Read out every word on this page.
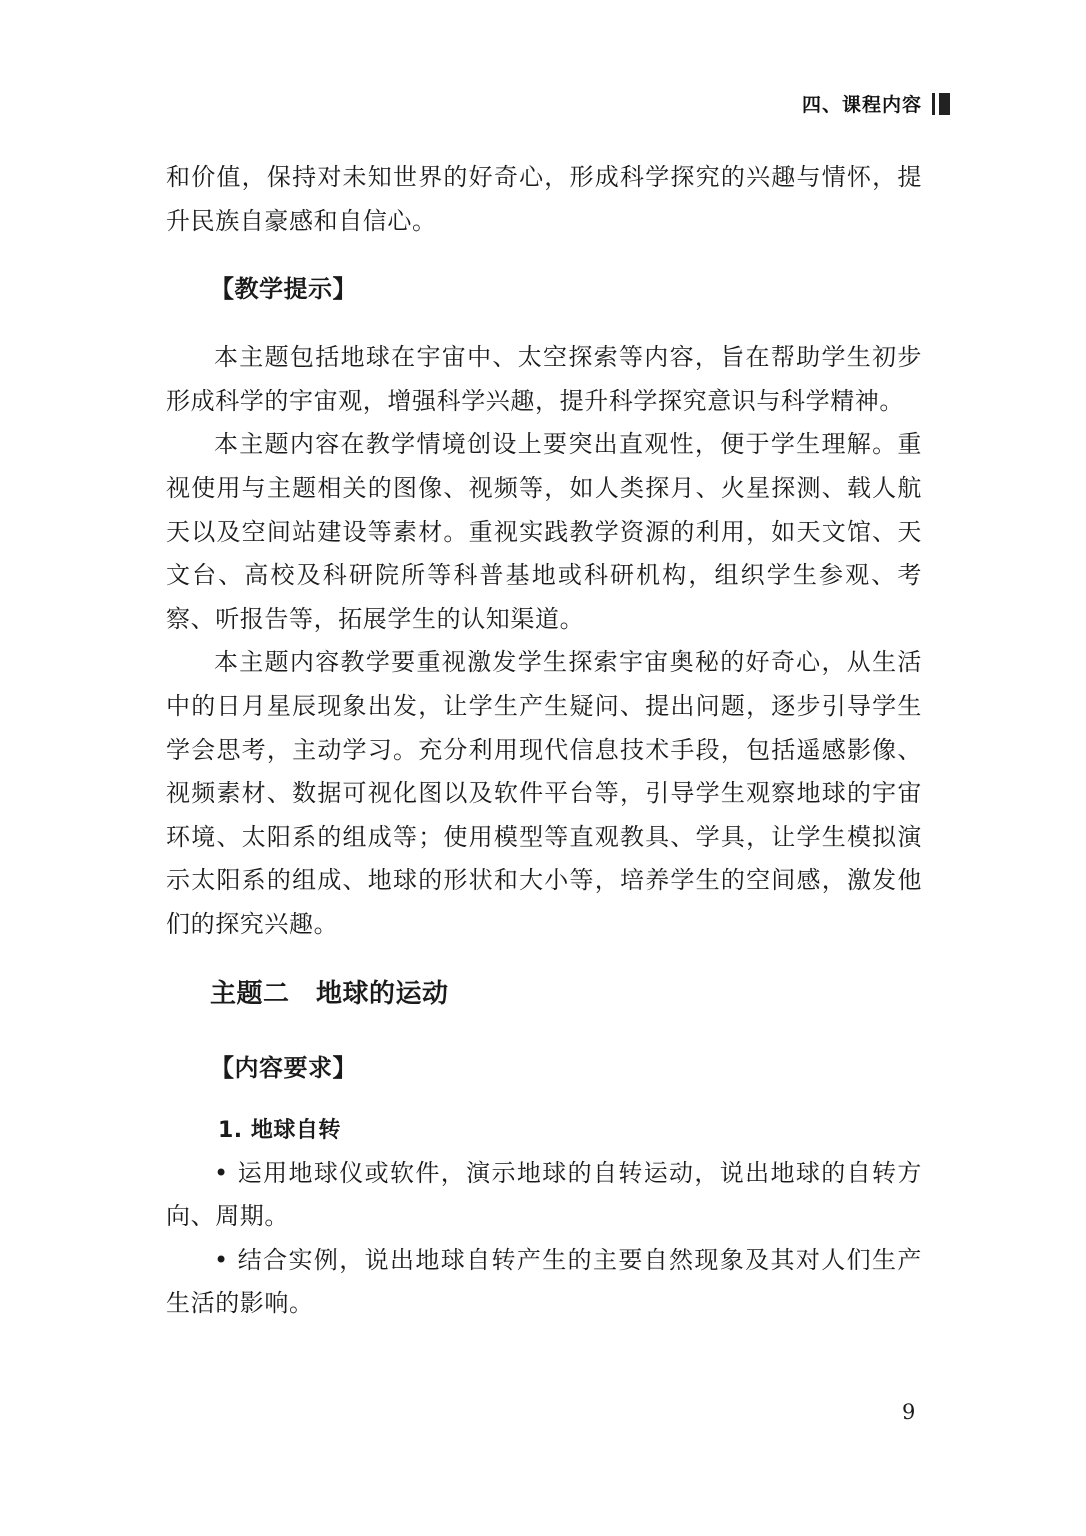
四、课程内容

和价值，保持对未知世界的好奇心，形成科学探究的兴趣与情怀，提升民族自豪感和自信心。

【教学提示】

本主题包括地球在宇宙中、太空探索等内容，旨在帮助学生初步形成科学的宇宙观，增强科学兴趣，提升科学探究意识与科学精神。

本主题内容在教学情境创设上要突出直观性，便于学生理解。重视使用与主题相关的图像、视频等，如人类探月、火星探测、载人航天以及空间站建设等素材。重视实践教学资源的利用，如天文馆、天文台、高校及科研院所等科普基地或科研机构，组织学生参观、考察、听报告等，拓展学生的认知渠道。

本主题内容教学要重视激发学生探索宇宙奥秘的好奇心，从生活中的日月星辰现象出发，让学生产生疑问、提出问题，逐步引导学生学会思考，主动学习。充分利用现代信息技术手段，包括遥感影像、视频素材、数据可视化图以及软件平台等，引导学生观察地球的宇宙环境、太阳系的组成等；使用模型等直观教具、学具，让学生模拟演示太阳系的组成、地球的形状和大小等，培养学生的空间感，激发他们的探究兴趣。

主题二　地球的运动

【内容要求】

1. 地球自转

• 运用地球仪或软件，演示地球的自转运动，说出地球的自转方向、周期。

• 结合实例，说出地球自转产生的主要自然现象及其对人们生产生活的影响。

9
